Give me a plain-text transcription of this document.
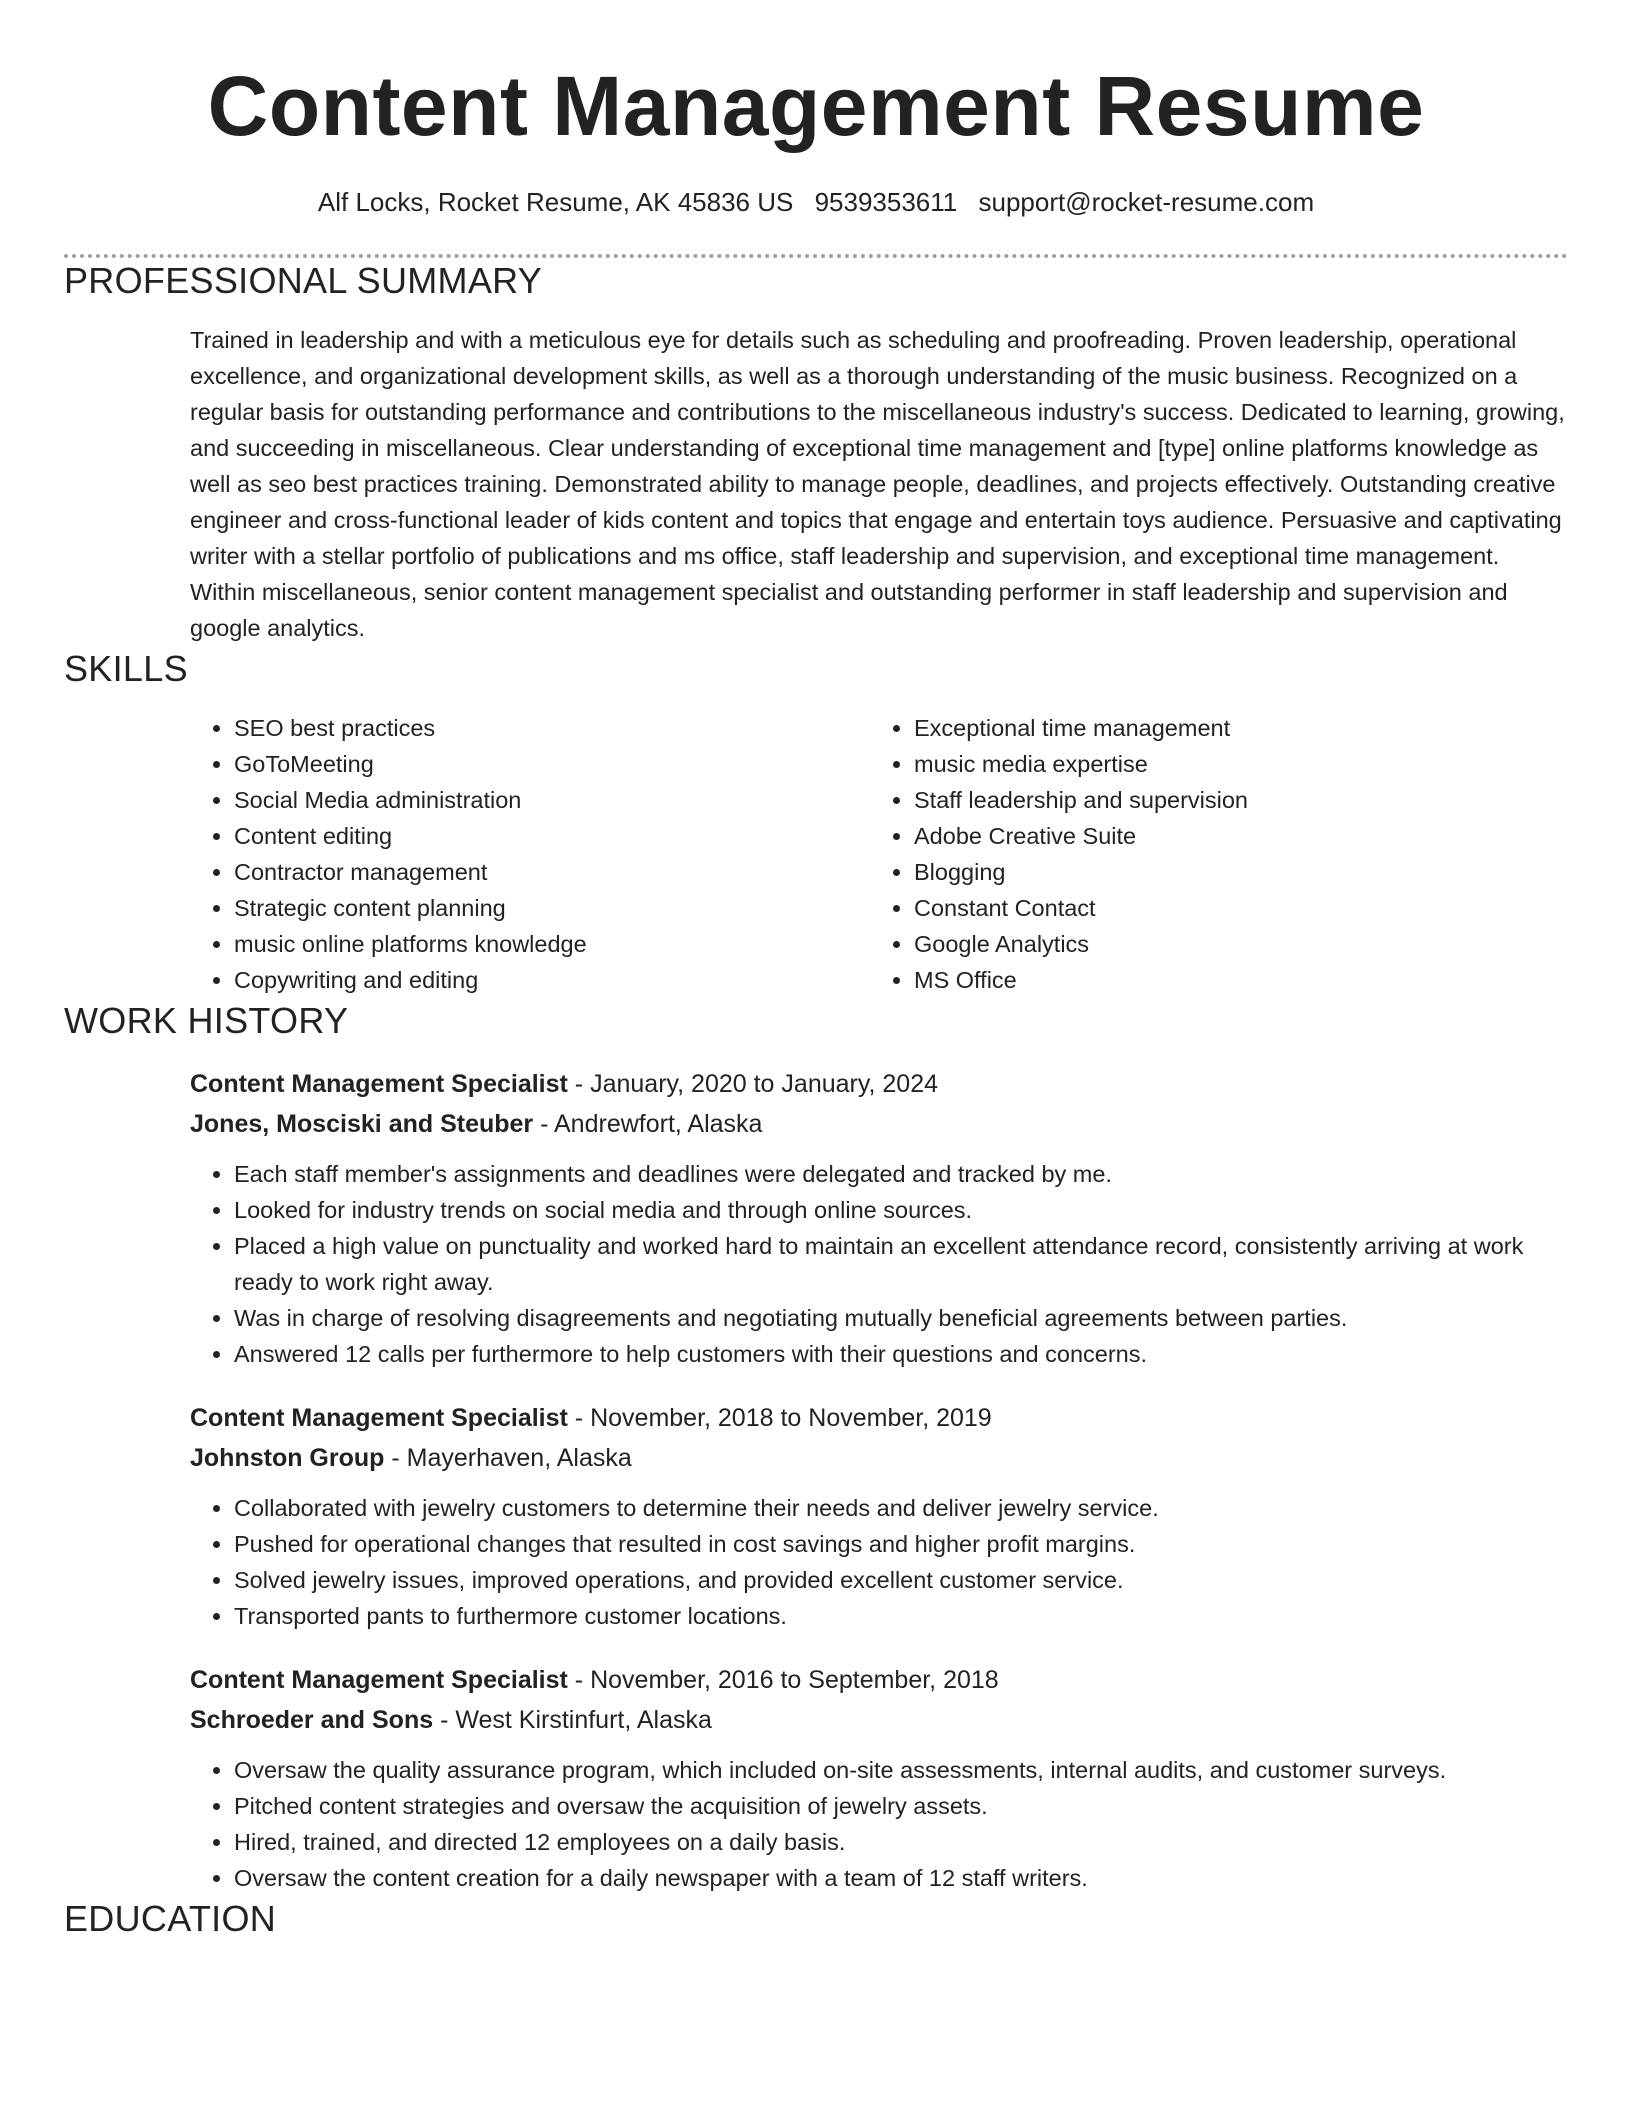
Content Management Resume
Alf Locks, Rocket Resume, AK 45836 US 9539353611 support@rocket-resume.com
PROFESSIONAL SUMMARY

Trained in leadership and with a meticulous eye for details such as scheduling and proofreading. Proven leadership, operational excellence, and organizational development skills, as well as a thorough understanding of the music business. Recognized on a regular basis for outstanding performance and contributions to the miscellaneous industry's success. Dedicated to learning, growing, and succeeding in miscellaneous. Clear understanding of exceptional time management and [type] online platforms knowledge as well as seo best practices training. Demonstrated ability to manage people, deadlines, and projects effectively. Outstanding creative engineer and cross-functional leader of kids content and topics that engage and entertain toys audience. Persuasive and captivating writer with a stellar portfolio of publications and ms office, staff leadership and supervision, and exceptional time management. Within miscellaneous, senior content management specialist and outstanding performer in staff leadership and supervision and google analytics.

SKILLS
• SEO best practices
• GoToMeeting
• Social Media administration
• Content editing
• Contractor management
• Strategic content planning
• music online platforms knowledge
• Copywriting and editing
• Exceptional time management
• music media expertise
• Staff leadership and supervision
• Adobe Creative Suite
• Blogging
• Constant Contact
• Google Analytics
• MS Office
WORK HISTORY
Content Management Specialist - January, 2020 to January, 2024
Jones, Mosciski and Steuber - Andrewfort, Alaska
• Each staff member's assignments and deadlines were delegated and tracked by me.
• Looked for industry trends on social media and through online sources.
• Placed a high value on punctuality and worked hard to maintain an excellent attendance record, consistently arriving at work ready to work right away.
• Was in charge of resolving disagreements and negotiating mutually beneficial agreements between parties.
• Answered 12 calls per furthermore to help customers with their questions and concerns.
Content Management Specialist - November, 2018 to November, 2019
Johnston Group - Mayerhaven, Alaska
• Collaborated with jewelry customers to determine their needs and deliver jewelry service.
• Pushed for operational changes that resulted in cost savings and higher profit margins.
• Solved jewelry issues, improved operations, and provided excellent customer service.
• Transported pants to furthermore customer locations.
Content Management Specialist - November, 2016 to September, 2018
Schroeder and Sons - West Kirstinfurt, Alaska
• Oversaw the quality assurance program, which included on-site assessments, internal audits, and customer surveys.
• Pitched content strategies and oversaw the acquisition of jewelry assets.
• Hired, trained, and directed 12 employees on a daily basis.
• Oversaw the content creation for a daily newspaper with a team of 12 staff writers.
EDUCATION
